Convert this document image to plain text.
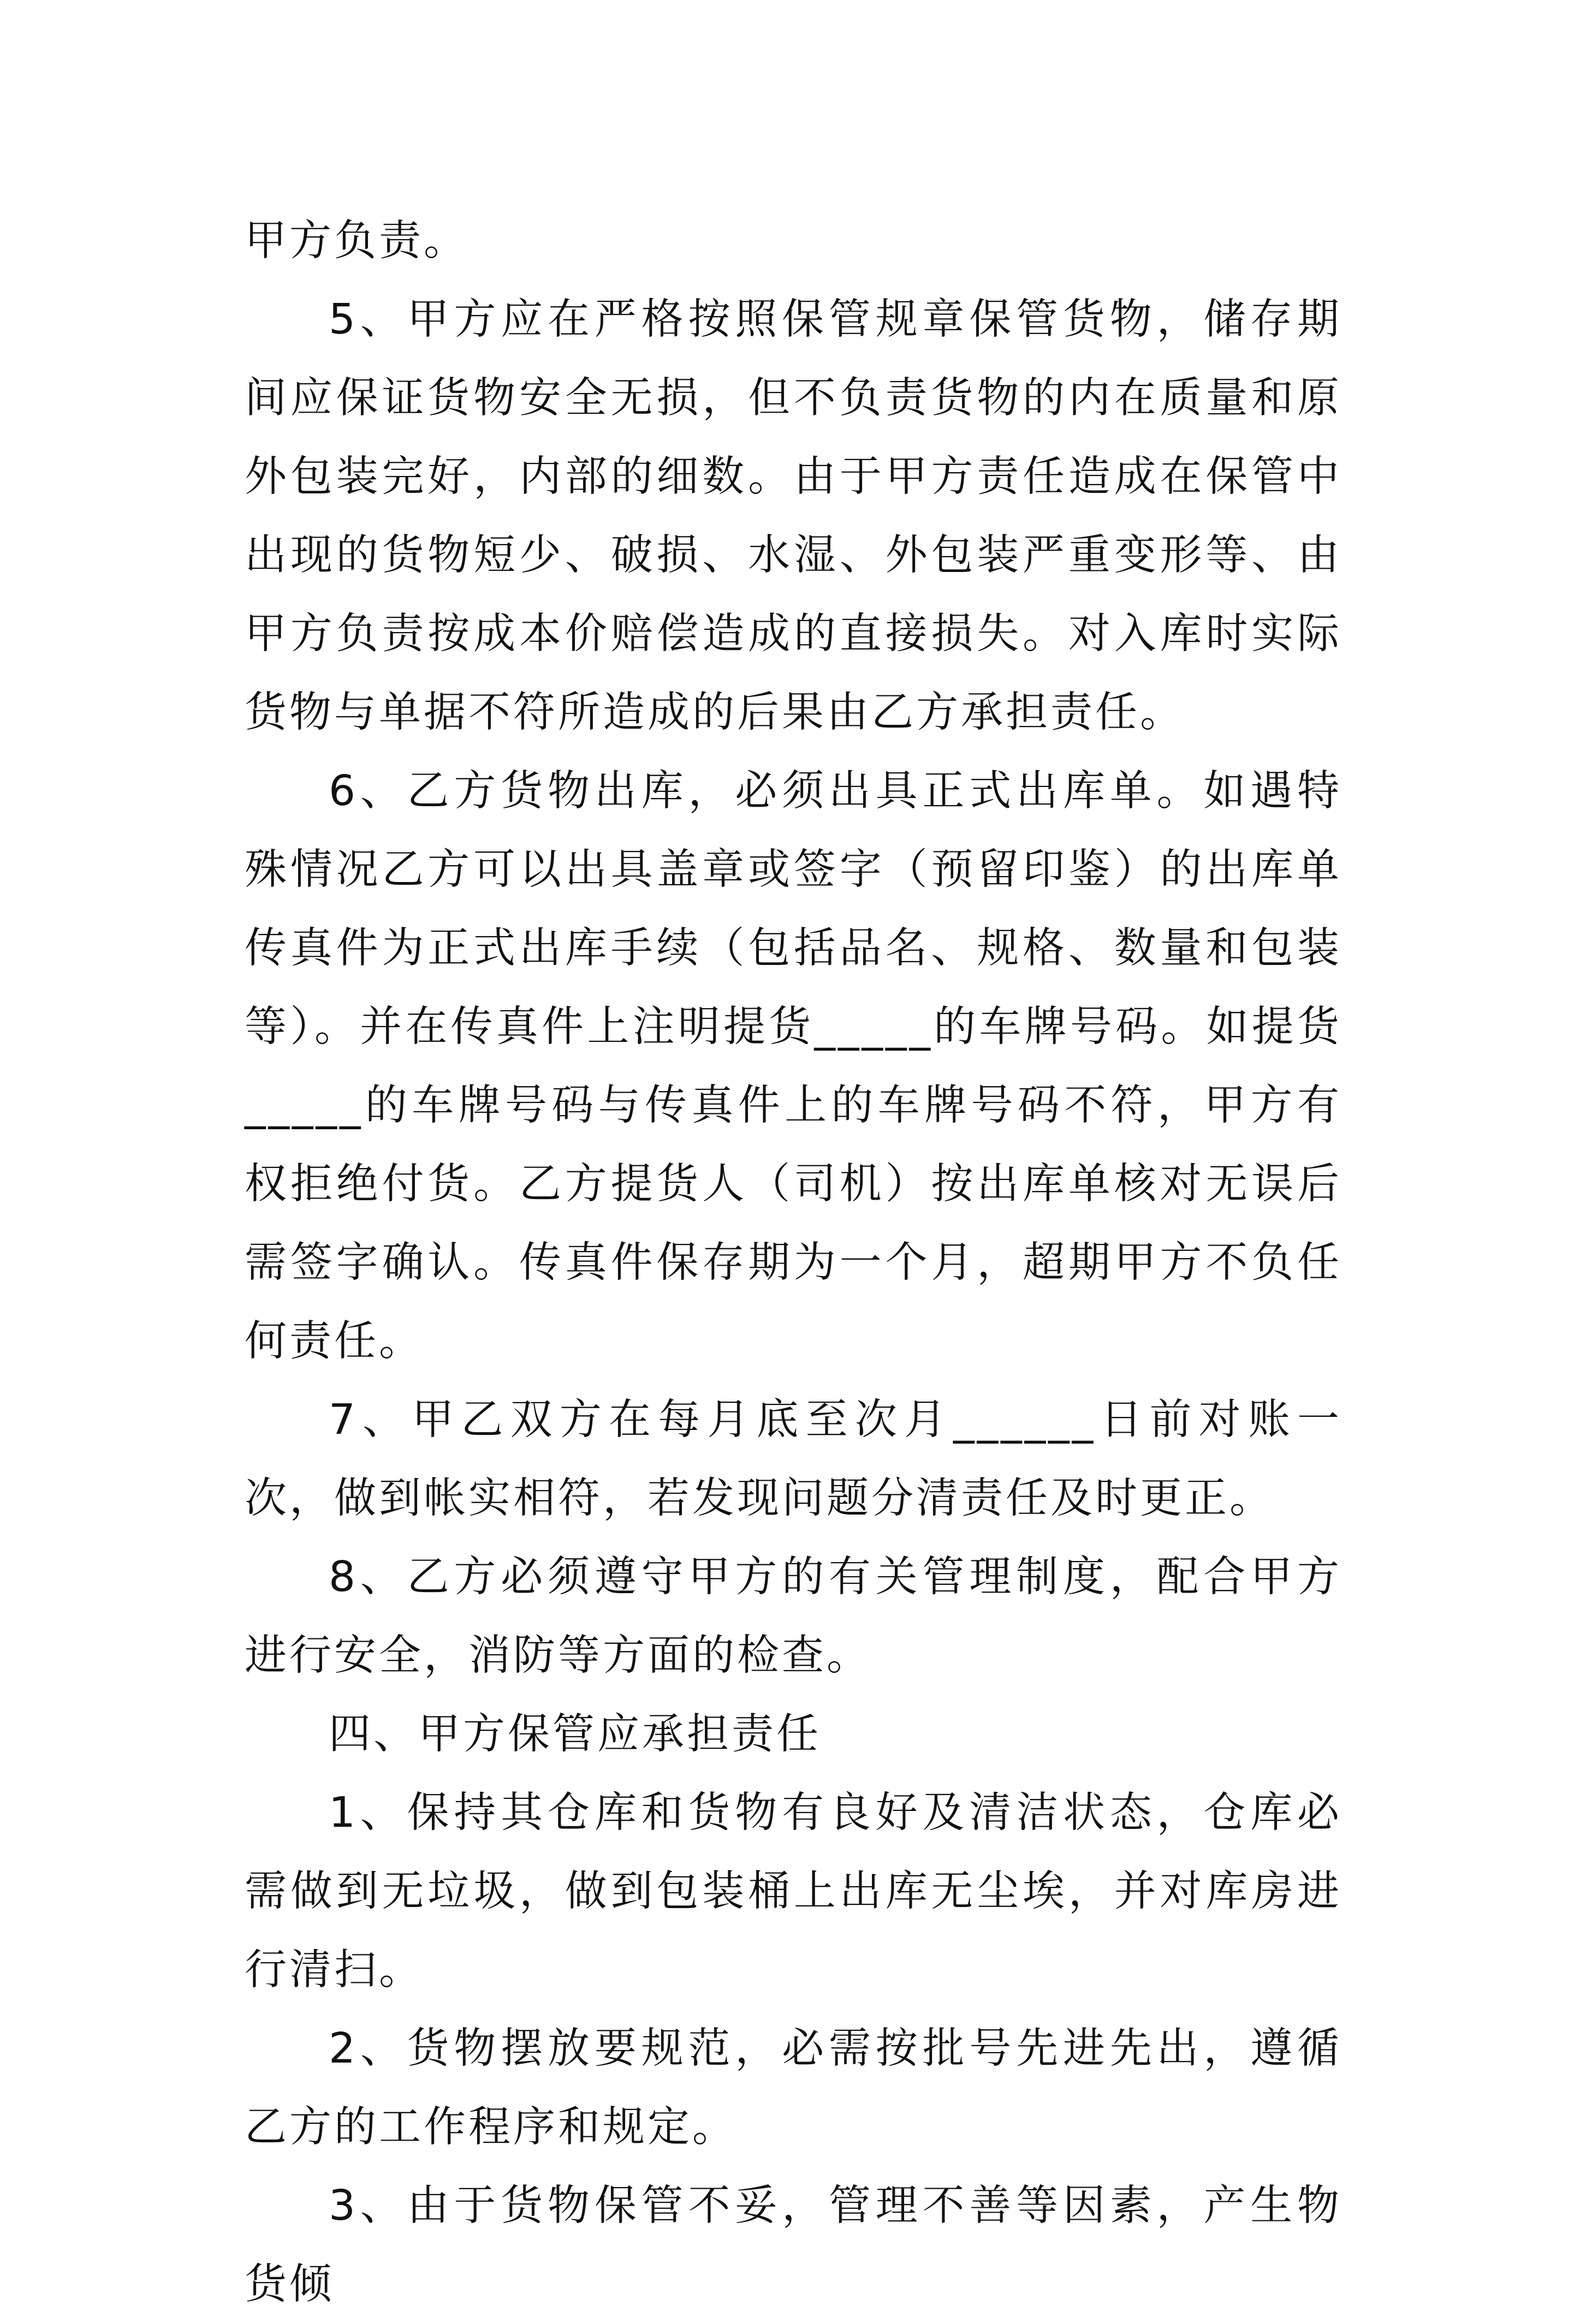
甲方负责。

5、甲方应在严格按照保管规章保管货物，储存期间应保证货物安全无损，但不负责货物的内在质量和原外包装完好，内部的细数。由于甲方责任造成在保管中出现的货物短少、破损、水湿、外包装严重变形等、由甲方负责按成本价赔偿造成的直接损失。对入库时实际货物与单据不符所造成的后果由乙方承担责任。

6、乙方货物出库，必须出具正式出库单。如遇特殊情况乙方可以出具盖章或签字（预留印鉴）的出库单传真件为正式出库手续（包括品名、规格、数量和包装等）。并在传真件上注明提货_____的车牌号码。如提货_____的车牌号码与传真件上的车牌号码不符，甲方有权拒绝付货。乙方提货人（司机）按出库单核对无误后需签字确认。传真件保存期为一个月，超期甲方不负任何责任。

7、甲乙双方在每月底至次月______日前对账一次，做到帐实相符，若发现问题分清责任及时更正。

8、乙方必须遵守甲方的有关管理制度，配合甲方进行安全，消防等方面的检查。

四、甲方保管应承担责任

1、保持其仓库和货物有良好及清洁状态，仓库必需做到无垃圾，做到包装桶上出库无尘埃，并对库房进行清扫。

2、货物摆放要规范，必需按批号先进先出，遵循乙方的工作程序和规定。

3、由于货物保管不妥，管理不善等因素，产生物货倾
